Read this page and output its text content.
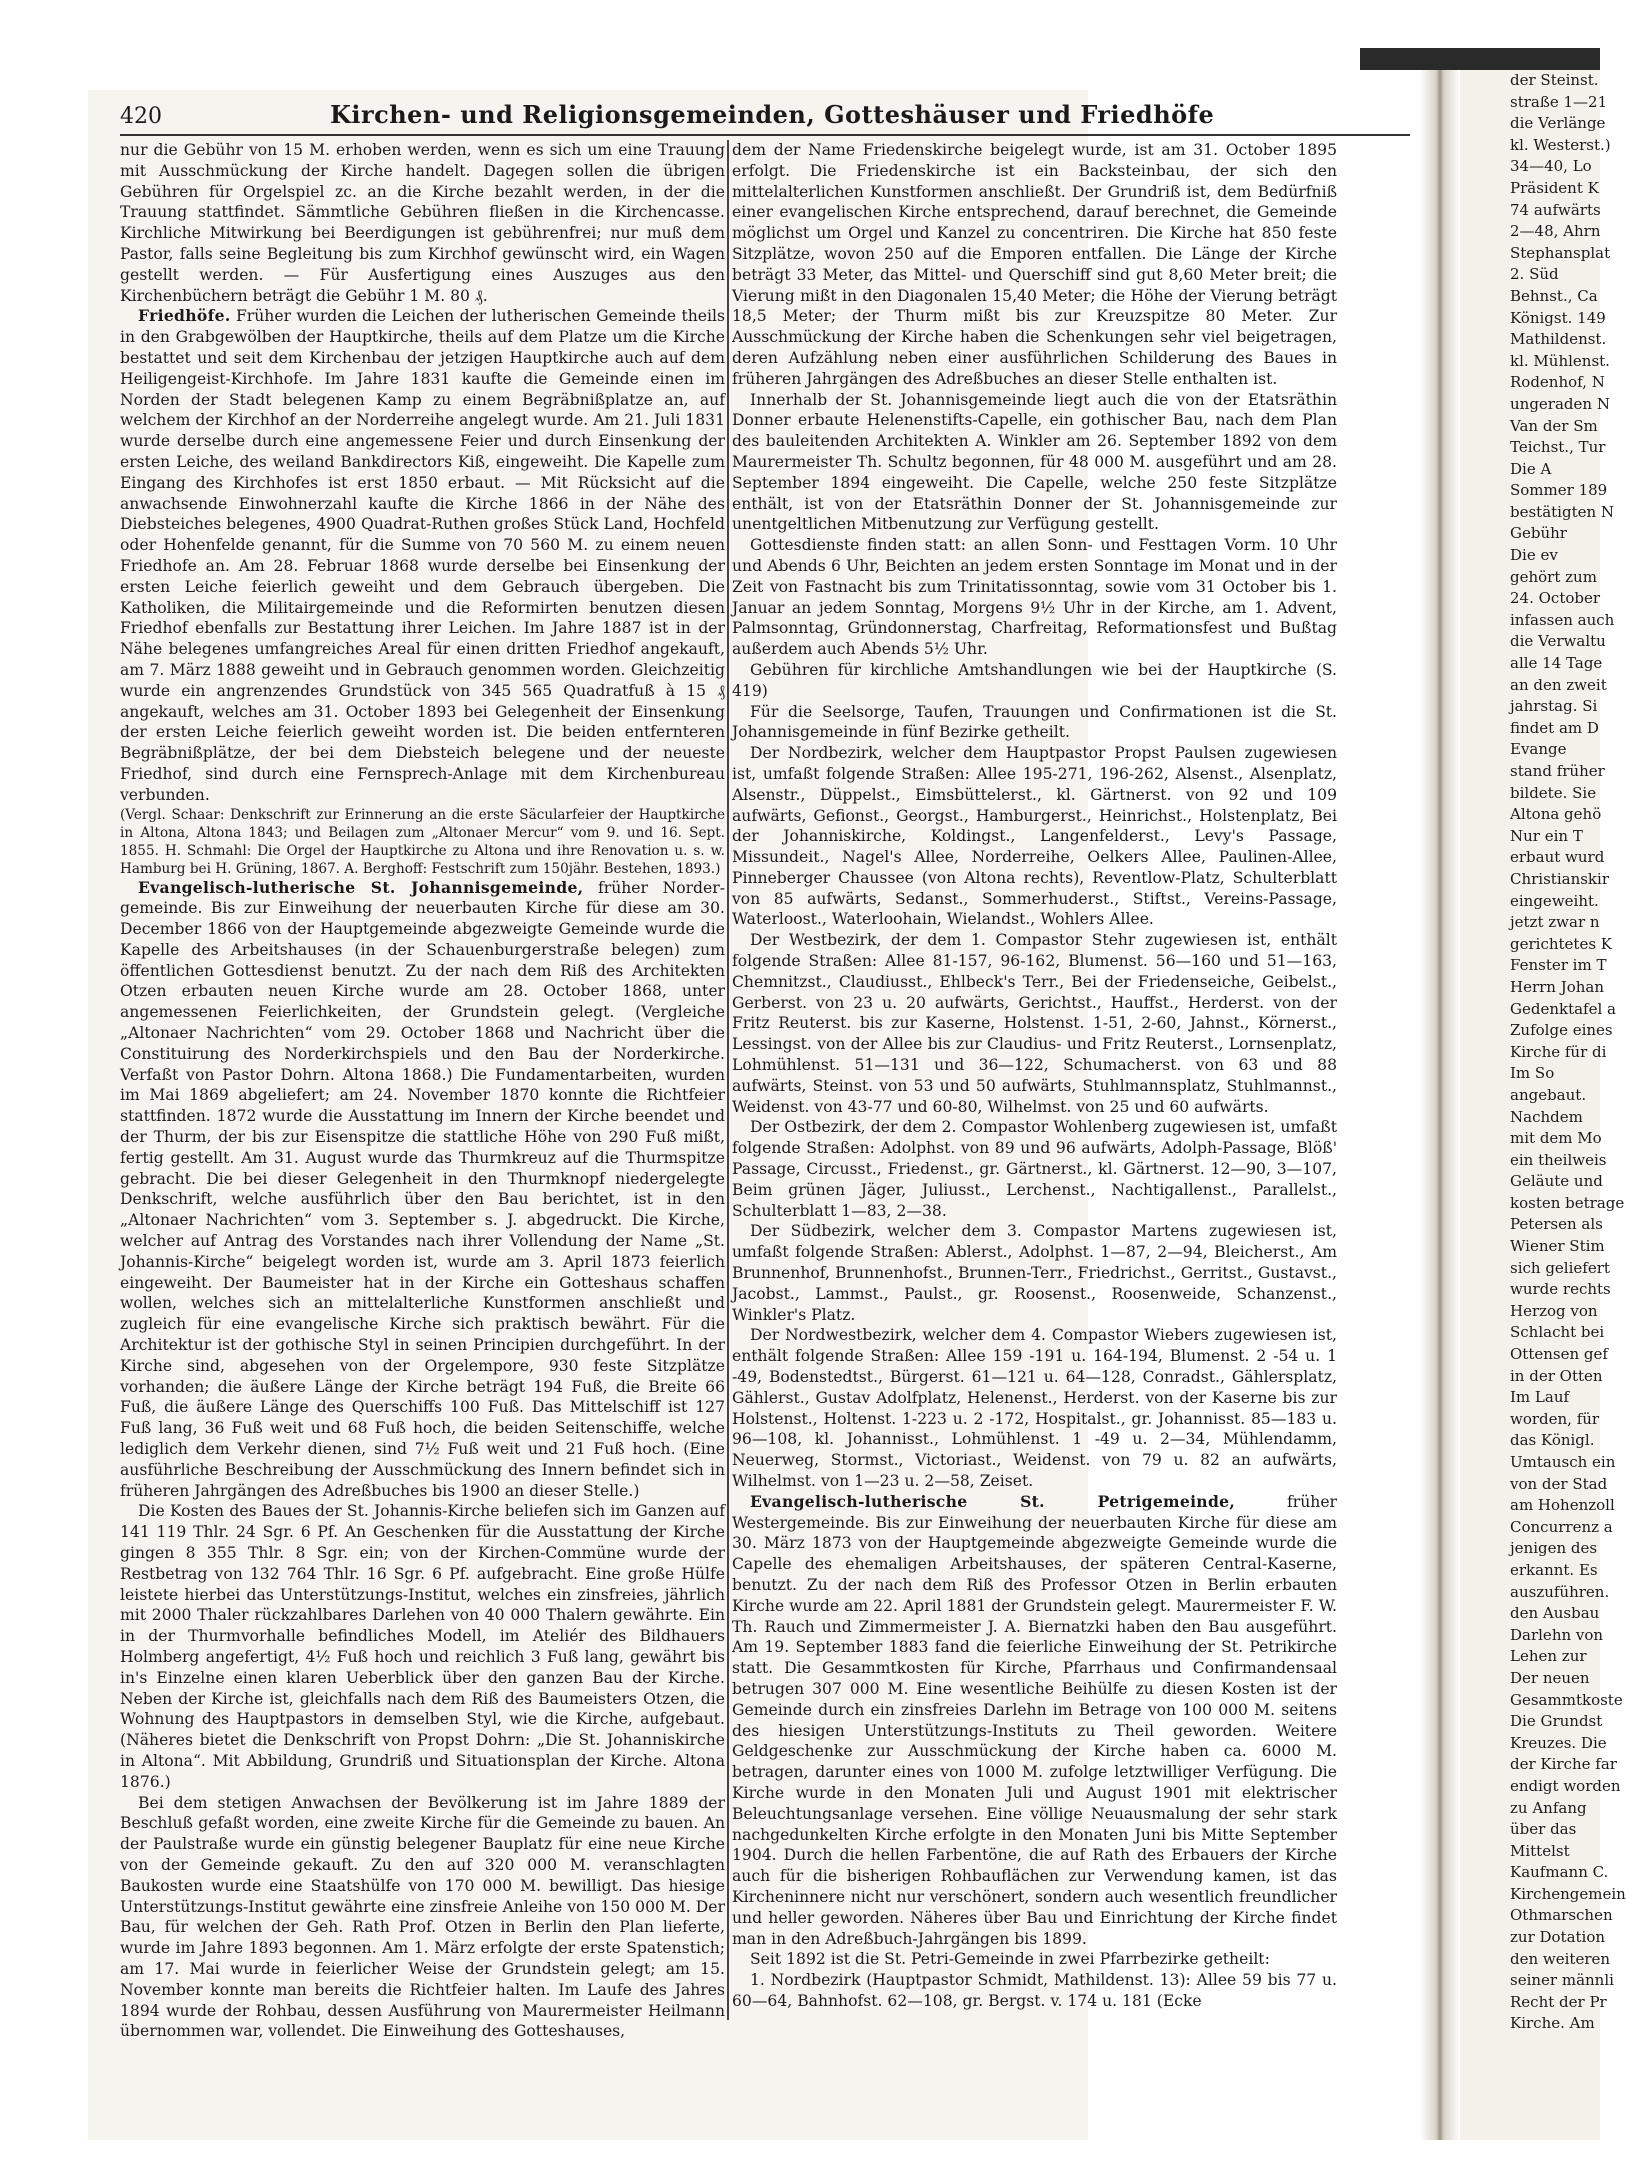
der Steinst.
straße 1—21
die Verlänge
kl. Westerst.)
34—40, Lo
Präsident K
74 aufwärts
2—48, Ahrn
Stephansplat
2. Süd
Behnst., Ca
Königst. 149
Mathildenst.
kl. Mühlenst.
Rodenhof, N
ungeraden N
Van der Sm
Teichst., Tur
Die A
Sommer 189
bestätigten N
Gebühr
Die ev
gehört zum
24. October
infassen auch
die Verwaltu
alle 14 Tage
an den zweit
jahrstag. Si
findet am D
Evange
stand früher
bildete. Sie
Altona gehö
Nur ein T
erbaut wurd
Christianskir
eingeweiht.
jetzt zwar n
gerichtetes K
Fenster im T
Herrn Johan
Gedenktafel a
Zufolge eines
Kirche für di
Im So
angebaut.
Nachdem
mit dem Mo
ein theilweis
Geläute und
kosten betrage
Petersen als
Wiener Stim
sich geliefert
wurde rechts
Herzog von
Schlacht bei
Ottensen gef
in der Otten
Im Lauf
worden, für
das Königl.
Umtausch ein
von der Stad
am Hohenzoll
Concurrenz a
jenigen des
erkannt. Es
auszuführen.
den Ausbau
Darlehn von
Lehen zur
Der neuen
Gesammtkoste
Die Grundst
Kreuzes. Die
der Kirche far
endigt worden
zu Anfang
über das
Mittelst
Kaufmann C.
Kirchengemein
Othmarschen
zur Dotation
den weiteren
seiner männli
Recht der Pr
Kirche. Am
420	Kirchen- und Religionsgemeinden, Gotteshäuser und Friedhöfe

nur die Gebühr von 15 M. erhoben werden, wenn es sich um eine Trauung mit Ausschmückung der Kirche handelt. Dagegen sollen die übrigen Gebühren für Orgelspiel zc. an die Kirche bezahlt werden, in der die Trauung stattfindet. Sämmtliche Gebühren fließen in die Kirchencasse. Kirchliche Mitwirkung bei Beerdigungen ist gebührenfrei; nur muß dem Pastor, falls seine Begleitung bis zum Kirchhof gewünscht wird, ein Wagen gestellt werden. — Für Ausfertigung eines Auszuges aus den Kirchenbüchern beträgt die Gebühr 1 M. 80 ₰.

Friedhöfe. Früher wurden die Leichen der lutherischen Gemeinde theils in den Grabgewölben der Hauptkirche, theils auf dem Platze um die Kirche bestattet und seit dem Kirchenbau der jetzigen Hauptkirche auch auf dem Heiligengeist-Kirchhofe. Im Jahre 1831 kaufte die Gemeinde einen im Norden der Stadt belegenen Kamp zu einem Begräbnißplatze an, auf welchem der Kirchhof an der Norderreihe angelegt wurde. Am 21. Juli 1831 wurde derselbe durch eine angemessene Feier und durch Einsenkung der ersten Leiche, des weiland Bankdirectors Kiß, eingeweiht. Die Kapelle zum Eingang des Kirchhofes ist erst 1850 erbaut. — Mit Rücksicht auf die anwachsende Einwohnerzahl kaufte die Kirche 1866 in der Nähe des Diebsteiches belegenes, 4900 Quadrat-Ruthen großes Stück Land, Hochfeld oder Hohenfelde genannt, für die Summe von 70 560 M. zu einem neuen Friedhofe an. Am 28. Februar 1868 wurde derselbe bei Einsenkung der ersten Leiche feierlich geweiht und dem Gebrauch übergeben. Die Katholiken, die Militairgemeinde und die Reformirten benutzen diesen Friedhof ebenfalls zur Bestattung ihrer Leichen. Im Jahre 1887 ist in der Nähe belegenes umfangreiches Areal für einen dritten Friedhof angekauft, am 7. März 1888 geweiht und in Gebrauch genommen worden. Gleichzeitig wurde ein angrenzendes Grundstück von 345 565 Quadratfuß à 15 ₰ angekauft, welches am 31. October 1893 bei Gelegenheit der Einsenkung der ersten Leiche feierlich geweiht worden ist. Die beiden entfernteren Begräbnißplätze, der bei dem Diebsteich belegene und der neueste Friedhof, sind durch eine Fernsprech-Anlage mit dem Kirchenbureau verbunden.

(Vergl. Schaar: Denkschrift zur Erinnerung an die erste Säcularfeier der Hauptkirche in Altona, Altona 1843; und Beilagen zum „Altonaer Mercur“ vom 9. und 16. Sept. 1855. H. Schmahl: Die Orgel der Hauptkirche zu Altona und ihre Renovation u. s. w. Hamburg bei H. Grüning, 1867. A. Berghoff: Festschrift zum 150jähr. Bestehen, 1893.)

Evangelisch-lutherische St. Johannisgemeinde, früher Norder-gemeinde. Bis zur Einweihung der neuerbauten Kirche für diese am 30. December 1866 von der Hauptgemeinde abgezweigte Gemeinde wurde die Kapelle des Arbeitshauses (in der Schauenburgerstraße belegen) zum öffentlichen Gottesdienst benutzt. Zu der nach dem Riß des Architekten Otzen erbauten neuen Kirche wurde am 28. October 1868, unter angemessenen Feierlichkeiten, der Grundstein gelegt. (Vergleiche „Altonaer Nachrichten“ vom 29. October 1868 und Nachricht über die Constituirung des Norderkirchspiels und den Bau der Norderkirche. Verfaßt von Pastor Dohrn. Altona 1868.) Die Fundamentarbeiten, wurden im Mai 1869 abgeliefert; am 24. November 1870 konnte die Richtfeier stattfinden. 1872 wurde die Ausstattung im Innern der Kirche beendet und der Thurm, der bis zur Eisenspitze die stattliche Höhe von 290 Fuß mißt, fertig gestellt. Am 31. August wurde das Thurmkreuz auf die Thurmspitze gebracht. Die bei dieser Gelegenheit in den Thurmknopf niedergelegte Denkschrift, welche ausführlich über den Bau berichtet, ist in den „Altonaer Nachrichten“ vom 3. September s. J. abgedruckt. Die Kirche, welcher auf Antrag des Vorstandes nach ihrer Vollendung der Name „St. Johannis-Kirche“ beigelegt worden ist, wurde am 3. April 1873 feierlich eingeweiht. Der Baumeister hat in der Kirche ein Gotteshaus schaffen wollen, welches sich an mittelalterliche Kunstformen anschließt und zugleich für eine evangelische Kirche sich praktisch bewährt. Für die Architektur ist der gothische Styl in seinen Principien durchgeführt. In der Kirche sind, abgesehen von der Orgelempore, 930 feste Sitzplätze vorhanden; die äußere Länge der Kirche beträgt 194 Fuß, die Breite 66 Fuß, die äußere Länge des Querschiffs 100 Fuß. Das Mittelschiff ist 127 Fuß lang, 36 Fuß weit und 68 Fuß hoch, die beiden Seitenschiffe, welche lediglich dem Verkehr dienen, sind 7½ Fuß weit und 21 Fuß hoch. (Eine ausführliche Beschreibung der Ausschmückung des Innern befindet sich in früheren Jahrgängen des Adreßbuches bis 1900 an dieser Stelle.)

Die Kosten des Baues der St. Johannis-Kirche beliefen sich im Ganzen auf 141 119 Thlr. 24 Sgr. 6 Pf. An Geschenken für die Ausstattung der Kirche gingen 8 355 Thlr. 8 Sgr. ein; von der Kirchen-Commüne wurde der Restbetrag von 132 764 Thlr. 16 Sgr. 6 Pf. aufgebracht. Eine große Hülfe leistete hierbei das Unterstützungs-Institut, welches ein zinsfreies, jährlich mit 2000 Thaler rückzahlbares Darlehen von 40 000 Thalern gewährte. Ein in der Thurmvorhalle befindliches Modell, im Ateliér des Bildhauers Holmberg angefertigt, 4½ Fuß hoch und reichlich 3 Fuß lang, gewährt bis in's Einzelne einen klaren Ueberblick über den ganzen Bau der Kirche. Neben der Kirche ist, gleichfalls nach dem Riß des Baumeisters Otzen, die Wohnung des Hauptpastors in demselben Styl, wie die Kirche, aufgebaut. (Näheres bietet die Denkschrift von Propst Dohrn: „Die St. Johanniskirche in Altona“. Mit Abbildung, Grundriß und Situationsplan der Kirche. Altona 1876.)

Bei dem stetigen Anwachsen der Bevölkerung ist im Jahre 1889 der Beschluß gefaßt worden, eine zweite Kirche für die Gemeinde zu bauen. An der Paulstraße wurde ein günstig belegener Bauplatz für eine neue Kirche von der Gemeinde gekauft. Zu den auf 320 000 M. veranschlagten Baukosten wurde eine Staatshülfe von 170 000 M. bewilligt. Das hiesige Unterstützungs-Institut gewährte eine zinsfreie Anleihe von 150 000 M. Der Bau, für welchen der Geh. Rath Prof. Otzen in Berlin den Plan lieferte, wurde im Jahre 1893 begonnen. Am 1. März erfolgte der erste Spatenstich; am 17. Mai wurde in feierlicher Weise der Grundstein gelegt; am 15. November konnte man bereits die Richtfeier halten. Im Laufe des Jahres 1894 wurde der Rohbau, dessen Ausführung von Maurermeister Heilmann übernommen war, vollendet. Die Einweihung des Gotteshauses,

dem der Name Friedenskirche beigelegt wurde, ist am 31. October 1895 erfolgt. Die Friedenskirche ist ein Backsteinbau, der sich den mittelalterlichen Kunstformen anschließt. Der Grundriß ist, dem Bedürfniß einer evangelischen Kirche entsprechend, darauf berechnet, die Gemeinde möglichst um Orgel und Kanzel zu concentriren. Die Kirche hat 850 feste Sitzplätze, wovon 250 auf die Emporen entfallen. Die Länge der Kirche beträgt 33 Meter, das Mittel- und Querschiff sind gut 8,60 Meter breit; die Vierung mißt in den Diagonalen 15,40 Meter; die Höhe der Vierung beträgt 18,5 Meter; der Thurm mißt bis zur Kreuzspitze 80 Meter. Zur Ausschmückung der Kirche haben die Schenkungen sehr viel beigetragen, deren Aufzählung neben einer ausführlichen Schilderung des Baues in früheren Jahrgängen des Adreßbuches an dieser Stelle enthalten ist.

Innerhalb der St. Johannisgemeinde liegt auch die von der Etatsräthin Donner erbaute Helenenstifts-Capelle, ein gothischer Bau, nach dem Plan des bauleitenden Architekten A. Winkler am 26. September 1892 von dem Maurermeister Th. Schultz begonnen, für 48 000 M. ausgeführt und am 28. September 1894 eingeweiht. Die Capelle, welche 250 feste Sitzplätze enthält, ist von der Etatsräthin Donner der St. Johannisgemeinde zur unentgeltlichen Mitbenutzung zur Verfügung gestellt.

Gottesdienste finden statt: an allen Sonn- und Festtagen Vorm. 10 Uhr und Abends 6 Uhr, Beichten an jedem ersten Sonntage im Monat und in der Zeit von Fastnacht bis zum Trinitatissonntag, sowie vom 31 October bis 1. Januar an jedem Sonntag, Morgens 9½ Uhr in der Kirche, am 1. Advent, Palmsonntag, Gründonnerstag, Charfreitag, Reformationsfest und Bußtag außerdem auch Abends 5½ Uhr.

Gebühren für kirchliche Amtshandlungen wie bei der Hauptkirche (S. 419)

Für die Seelsorge, Taufen, Trauungen und Confirmationen ist die St. Johannisgemeinde in fünf Bezirke getheilt.

Der Nordbezirk, welcher dem Hauptpastor Propst Paulsen zugewiesen ist, umfaßt folgende Straßen: Allee 195-271, 196-262, Alsenst., Alsenplatz, Alsenstr., Düppelst., Eimsbüttelerst., kl. Gärtnerst. von 92 und 109 aufwärts, Gefionst., Georgst., Hamburgerst., Heinrichst., Holstenplatz, Bei der Johanniskirche, Koldingst., Langenfelderst., Levy's Passage, Missundeit., Nagel's Allee, Norderreihe, Oelkers Allee, Paulinen-Allee, Pinneberger Chaussee (von Altona rechts), Reventlow-Platz, Schulterblatt von 85 aufwärts, Sedanst., Sommerhuderst., Stiftst., Vereins-Passage, Waterloost., Waterloohain, Wielandst., Wohlers Allee.

Der Westbezirk, der dem 1. Compastor Stehr zugewiesen ist, enthält folgende Straßen: Allee 81-157, 96-162, Blumenst. 56—160 und 51—163, Chemnitzst., Claudiusst., Ehlbeck's Terr., Bei der Friedenseiche, Geibelst., Gerberst. von 23 u. 20 aufwärts, Gerichtst., Hauffst., Herderst. von der Fritz Reuterst. bis zur Kaserne, Holstenst. 1-51, 2-60, Jahnst., Körnerst., Lessingst. von der Allee bis zur Claudius- und Fritz Reuterst., Lornsenplatz, Lohmühlenst. 51—131 und 36—122, Schumacherst. von 63 und 88 aufwärts, Steinst. von 53 und 50 aufwärts, Stuhlmannsplatz, Stuhlmannst., Weidenst. von 43-77 und 60-80, Wilhelmst. von 25 und 60 aufwärts.

Der Ostbezirk, der dem 2. Compastor Wohlenberg zugewiesen ist, umfaßt folgende Straßen: Adolphst. von 89 und 96 aufwärts, Adolph-Passage, Blöß' Passage, Circusst., Friedenst., gr. Gärtnerst., kl. Gärtnerst. 12—90, 3—107, Beim grünen Jäger, Juliusst., Lerchenst., Nachtigallenst., Parallelst., Schulterblatt 1—83, 2—38.

Der Südbezirk, welcher dem 3. Compastor Martens zugewiesen ist, umfaßt folgende Straßen: Ablerst., Adolphst. 1—87, 2—94, Bleicherst., Am Brunnenhof, Brunnenhofst., Brunnen-Terr., Friedrichst., Gerritst., Gustavst., Jacobst., Lammst., Paulst., gr. Roosenst., Roosenweide, Schanzenst., Winkler's Platz.

Der Nordwestbezirk, welcher dem 4. Compastor Wiebers zugewiesen ist, enthält folgende Straßen: Allee 159 -191 u. 164-194, Blumenst. 2 -54 u. 1 -49, Bodenstedtst., Bürgerst. 61—121 u. 64—128, Conradst., Gählersplatz, Gählerst., Gustav Adolfplatz, Helenenst., Herderst. von der Kaserne bis zur Holstenst., Holtenst. 1-223 u. 2 -172, Hospitalst., gr. Johannisst. 85—183 u. 96—108, kl. Johannisst., Lohmühlenst. 1 -49 u. 2—34, Mühlendamm, Neuerweg, Stormst., Victoriast., Weidenst. von 79 u. 82 an aufwärts, Wilhelmst. von 1—23 u. 2—58, Zeiset.

Evangelisch-lutherische St. Petrigemeinde, früher Westergemeinde. Bis zur Einweihung der neuerbauten Kirche für diese am 30. März 1873 von der Hauptgemeinde abgezweigte Gemeinde wurde die Capelle des ehemaligen Arbeitshauses, der späteren Central-Kaserne, benutzt. Zu der nach dem Riß des Professor Otzen in Berlin erbauten Kirche wurde am 22. April 1881 der Grundstein gelegt. Maurermeister F. W. Th. Rauch und Zimmermeister J. A. Biernatzki haben den Bau ausgeführt. Am 19. September 1883 fand die feierliche Einweihung der St. Petrikirche statt. Die Gesammtkosten für Kirche, Pfarrhaus und Confirmandensaal betrugen 307 000 M. Eine wesentliche Beihülfe zu diesen Kosten ist der Gemeinde durch ein zinsfreies Darlehn im Betrage von 100 000 M. seitens des hiesigen Unterstützungs-Instituts zu Theil geworden. Weitere Geldgeschenke zur Ausschmückung der Kirche haben ca. 6000 M. betragen, darunter eines von 1000 M. zufolge letztwilliger Verfügung. Die Kirche wurde in den Monaten Juli und August 1901 mit elektrischer Beleuchtungsanlage versehen. Eine völlige Neuausmalung der sehr stark nachgedunkelten Kirche erfolgte in den Monaten Juni bis Mitte September 1904. Durch die hellen Farbentöne, die auf Rath des Erbauers der Kirche auch für die bisherigen Rohbauflächen zur Verwendung kamen, ist das Kircheninnere nicht nur verschönert, sondern auch wesentlich freundlicher und heller geworden. Näheres über Bau und Einrichtung der Kirche findet man in den Adreßbuch-Jahrgängen bis 1899.

Seit 1892 ist die St. Petri-Gemeinde in zwei Pfarrbezirke getheilt:

1. Nordbezirk (Hauptpastor Schmidt, Mathildenst. 13): Allee 59 bis 77 u. 60—64, Bahnhofst. 62—108, gr. Bergst. v. 174 u. 181 (Ecke
